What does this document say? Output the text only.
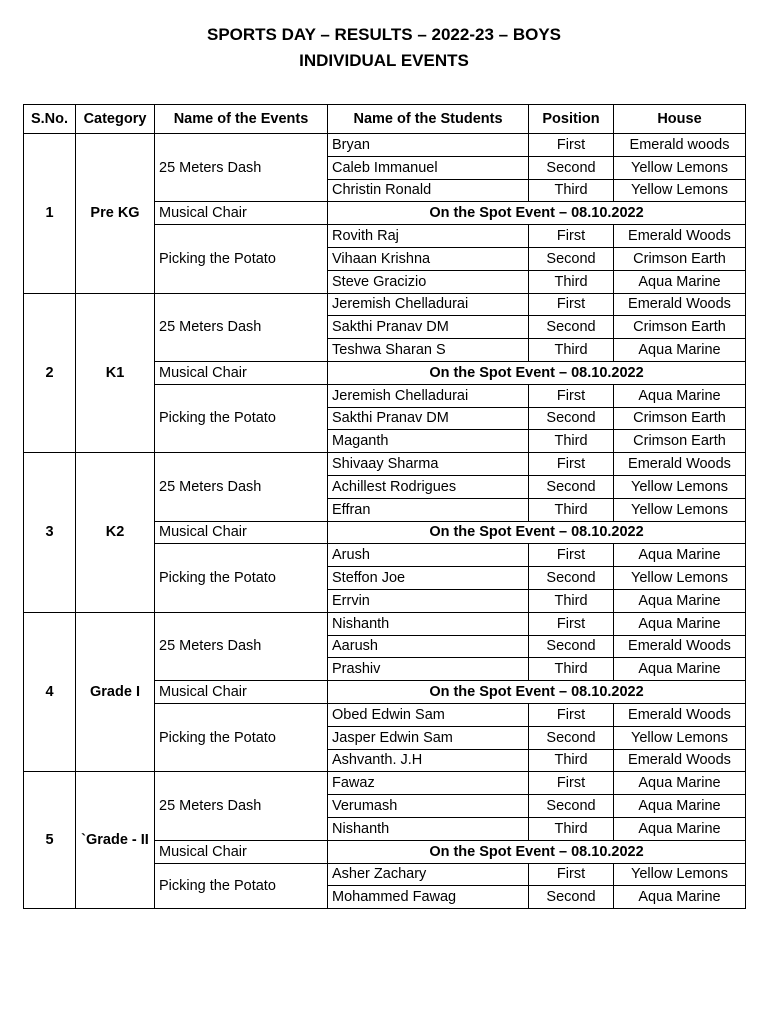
SPORTS DAY – RESULTS – 2022-23 – BOYS
INDIVIDUAL EVENTS
S.No.	Category	Name of the Events	Name of the Students	Position	House
1	Pre KG	25 Meters Dash	Bryan	First	Emerald woods
			Caleb Immanuel	Second	Yellow Lemons
			Christin Ronald	Third	Yellow Lemons
		Musical Chair	On the Spot Event – 08.10.2022		
		Picking the Potato	Rovith Raj	First	Emerald Woods
			Vihaan Krishna	Second	Crimson Earth
			Steve Gracizio	Third	Aqua Marine
2	K1	25 Meters Dash	Jeremish Chelladurai	First	Emerald Woods
			Sakthi Pranav DM	Second	Crimson Earth
			Teshwa Sharan S	Third	Aqua Marine
		Musical Chair	On the Spot Event – 08.10.2022		
		Picking the Potato	Jeremish Chelladurai	First	Aqua Marine
			Sakthi Pranav DM	Second	Crimson Earth
			Maganth	Third	Crimson Earth
3	K2	25 Meters Dash	Shivaay Sharma	First	Emerald Woods
			Achillest Rodrigues	Second	Yellow Lemons
			Effran	Third	Yellow Lemons
		Musical Chair	On the Spot Event – 08.10.2022		
		Picking the Potato	Arush	First	Aqua Marine
			Steffon Joe	Second	Yellow Lemons
			Errvin	Third	Aqua Marine
4	Grade I	25 Meters Dash	Nishanth	First	Aqua Marine
			Aarush	Second	Emerald Woods
			Prashiv	Third	Aqua Marine
		Musical Chair	On the Spot Event – 08.10.2022		
		Picking the Potato	Obed Edwin Sam	First	Emerald Woods
			Jasper Edwin Sam	Second	Yellow Lemons
			Ashvanth. J.H	Third	Emerald Woods
5	`Grade - II	25 Meters Dash	Fawaz	First	Aqua Marine
			Verumash	Second	Aqua Marine
			Nishanth	Third	Aqua Marine
		Musical Chair	On the Spot Event – 08.10.2022		
		Picking the Potato	Asher Zachary	First	Yellow Lemons
			Mohammed Fawag	Second	Aqua Marine
